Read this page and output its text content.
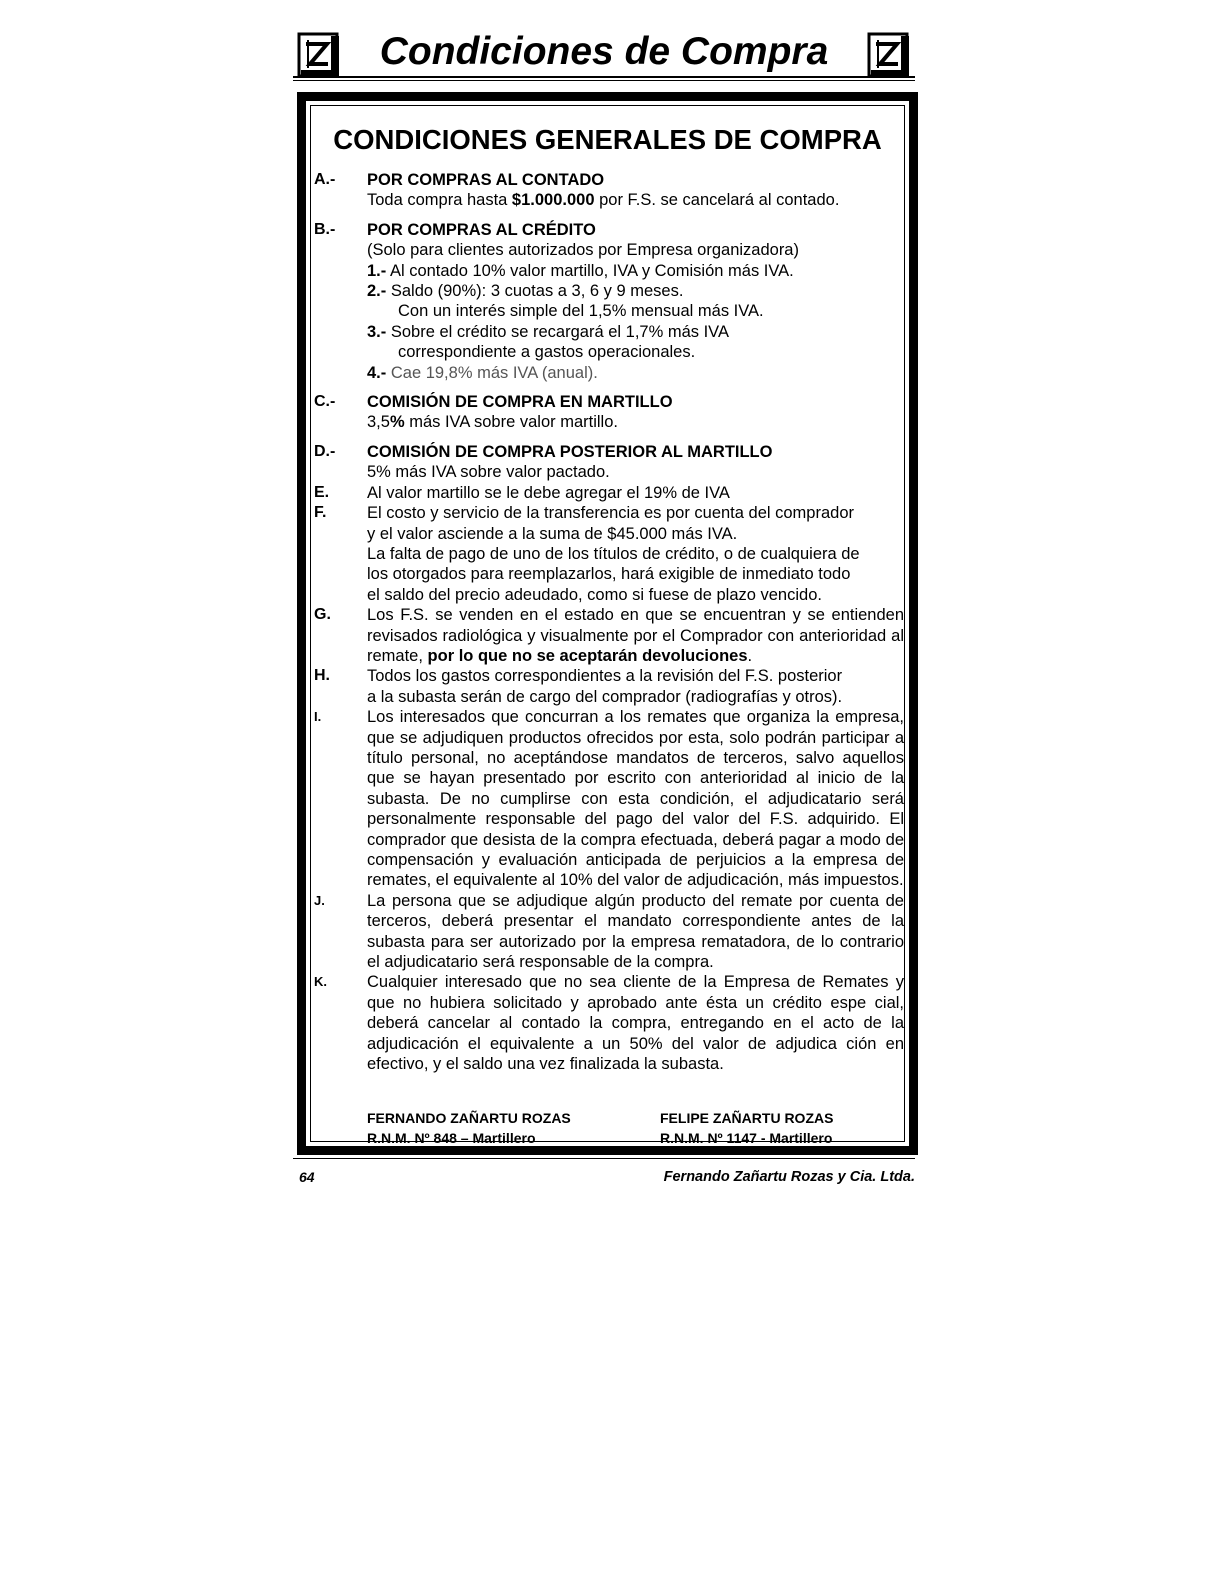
Condiciones de Compra
CONDICIONES GENERALES DE COMPRA
A.-	POR COMPRAS AL CONTADO
Toda compra hasta $1.000.000 por F.S. se cancelará al contado.
B.-	POR COMPRAS AL CRÉDITO
(Solo para clientes autorizados por Empresa organizadora)
1.- Al contado 10% valor martillo, IVA y Comisión más IVA.
2.- Saldo (90%): 3 cuotas a 3, 6 y 9 meses.
Con un interés simple del 1,5% mensual más IVA.
3.- Sobre el crédito se recargará el 1,7% más IVA
correspondiente a gastos operacionales.
4.- Cae 19,8% más IVA (anual).
C.-	COMISIÓN DE COMPRA EN MARTILLO
3,5% más IVA sobre valor martillo.
D.-	COMISIÓN DE COMPRA POSTERIOR AL MARTILLO
5% más IVA sobre valor pactado.
E.	Al valor martillo se le debe agregar el 19% de IVA
F.	El costo y servicio de la transferencia es por cuenta del comprador
y el valor asciende a la suma de $45.000 más IVA.
La falta de pago de uno de los títulos de crédito, o de cualquiera de
los otorgados para reemplazarlos, hará exigible de inmediato todo
el saldo del precio adeudado, como si fuese de plazo vencido.
G.	Los F.S. se venden en el estado en que se encuentran y se entienden revisados radiológica y visualmente por el Comprador con anterioridad al remate, por lo que no se aceptarán devoluciones.
H.	Todos los gastos correspondientes a la revisión del F.S. posterior
a la subasta serán de cargo del comprador (radiografías y otros).
I.	Los interesados que concurran a los remates que organiza la empresa, que se adjudiquen productos ofrecidos por esta, solo podrán participar a título personal, no aceptándose mandatos de terceros, salvo aquellos que se hayan presentado por escrito con anterioridad al inicio de la subasta. De no cumplirse con esta condición, el adjudicatario será personalmente responsable del pago del valor del F.S. adquirido. El comprador que desista de la compra efectuada, deberá pagar a modo de compensación y evaluación anticipada de perjuicios a la empresa de remates, el equivalente al 10% del valor de adjudicación, más impuestos.
J.	La persona que se adjudique algún producto del remate por cuenta de terceros, deberá presentar el mandato correspondiente antes de la subasta para ser autorizado por la empresa rematadora, de lo contrario el adjudicatario será responsable de la compra.
K.	Cualquier interesado que no sea cliente de la Empresa de Remates y que no hubiera solicitado y aprobado ante ésta un crédito espe cial, deberá cancelar al contado la compra, entregando en el acto de la adjudicación el equivalente a un 50% del valor de adjudica ción en efectivo, y el saldo una vez finalizada la subasta.
FERNANDO ZAÑARTU ROZAS
R.N.M. Nº 848 – Martillero
FELIPE ZAÑARTU ROZAS
R.N.M. Nº 1147 - Martillero
64	Fernando Zañartu Rozas y Cia. Ltda.
